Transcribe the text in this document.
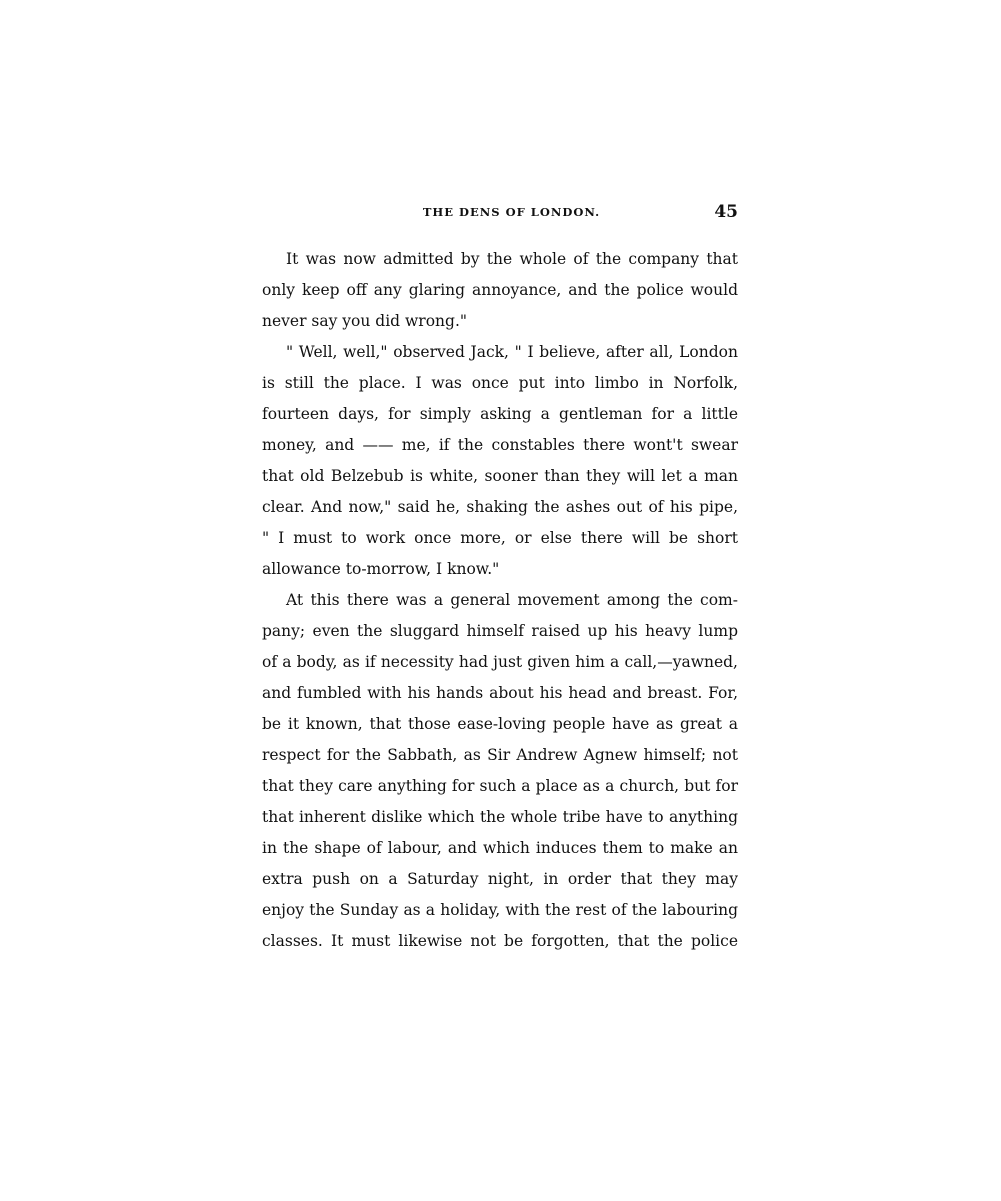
THE DENS OF LONDON.	45
It was now admitted by the whole of the company that
only keep off any glaring annoyance, and the police would
never say you did wrong."
" Well, well," observed Jack, " I believe, after all, London
is still the place. I was once put into limbo in Norfolk,
fourteen days, for simply asking a gentleman for a little
money, and —— me, if the constables there wont't swear
that old Belzebub is white, sooner than they will let a man
clear. And now," said he, shaking the ashes out of his pipe,
" I must to work once more, or else there will be short
allowance to-morrow, I know."
At this there was a general movement among the com-
pany; even the sluggard himself raised up his heavy lump
of a body, as if necessity had just given him a call,—yawned,
and fumbled with his hands about his head and breast. For,
be it known, that those ease-loving people have as great a
respect for the Sabbath, as Sir Andrew Agnew himself; not
that they care anything for such a place as a church, but for
that inherent dislike which the whole tribe have to anything
in the shape of labour, and which induces them to make an
extra push on a Saturday night, in order that they may
enjoy the Sunday as a holiday, with the rest of the labouring
classes. It must likewise not be forgotten, that the police
